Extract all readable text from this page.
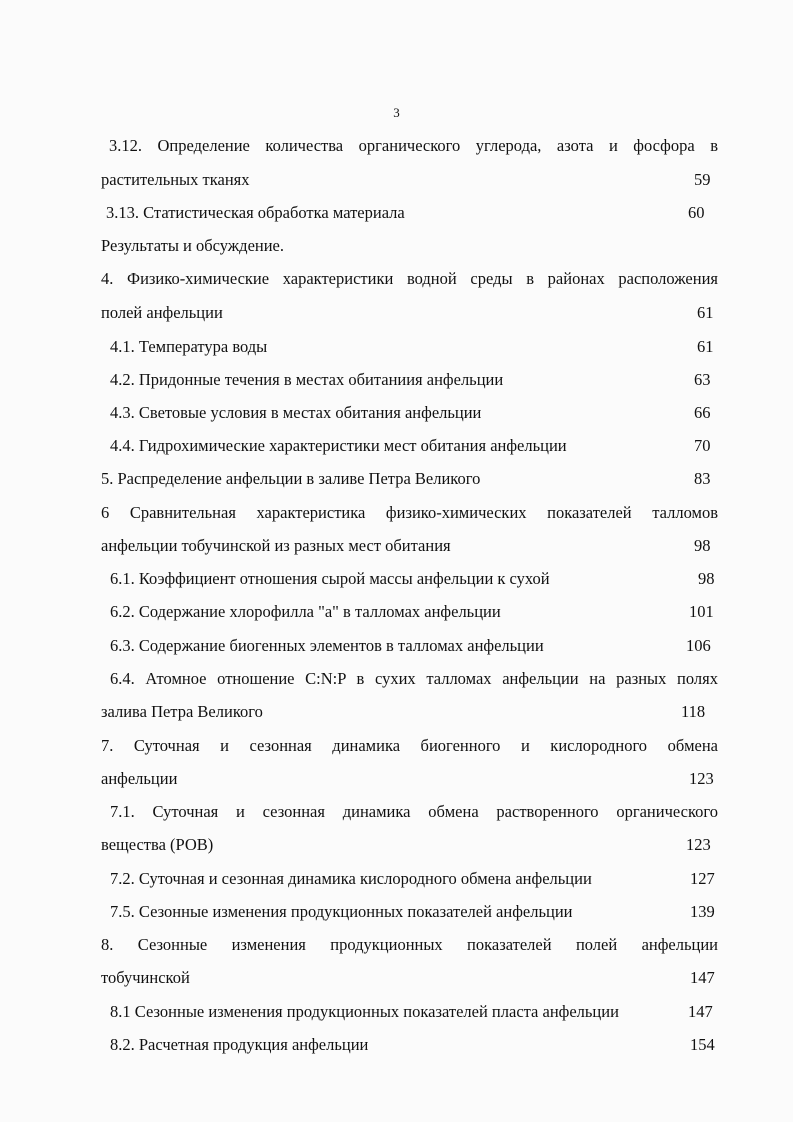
3
3.12. Определение количества органического углерода, азота и фосфора в
растительных тканях	59
3.13. Статистическая обработка материала	60
Результаты и обсуждение.
4. Физико-химические характеристики водной среды в районах расположения
полей анфельции	61
4.1. Температура воды	61
4.2. Придонные течения в местах обитаниия анфельции	63
4.3. Световые условия в местах обитания анфельции	66
4.4. Гидрохимические характеристики мест обитания анфельции	70
5. Распределение анфельции в заливе Петра Великого	83
6 Сравнительная характеристика физико-химических показателей талломов
анфельции тобучинской из разных мест обитания	98
6.1. Коэффициент отношения сырой массы анфельции к сухой	98
6.2. Содержание хлорофилла "а" в талломах анфельции	101
6.3. Содержание биогенных элементов в талломах анфельции	106
6.4. Атомное отношение C:N:P в сухих талломах анфельции на разных полях
залива Петра Великого	118
7. Суточная и сезонная динамика биогенного и кислородного обмена
анфельции	123
7.1. Суточная и сезонная динамика обмена растворенного органического
вещества (РОВ)	123
7.2. Суточная и сезонная динамика кислородного обмена анфельции	127
7.5. Сезонные изменения продукционных показателей анфельции	139
8. Сезонные изменения продукционных показателей полей анфельции
тобучинской	147
8.1 Сезонные изменения продукционных показателей пласта анфельции	147
8.2. Расчетная продукция анфельции	154
